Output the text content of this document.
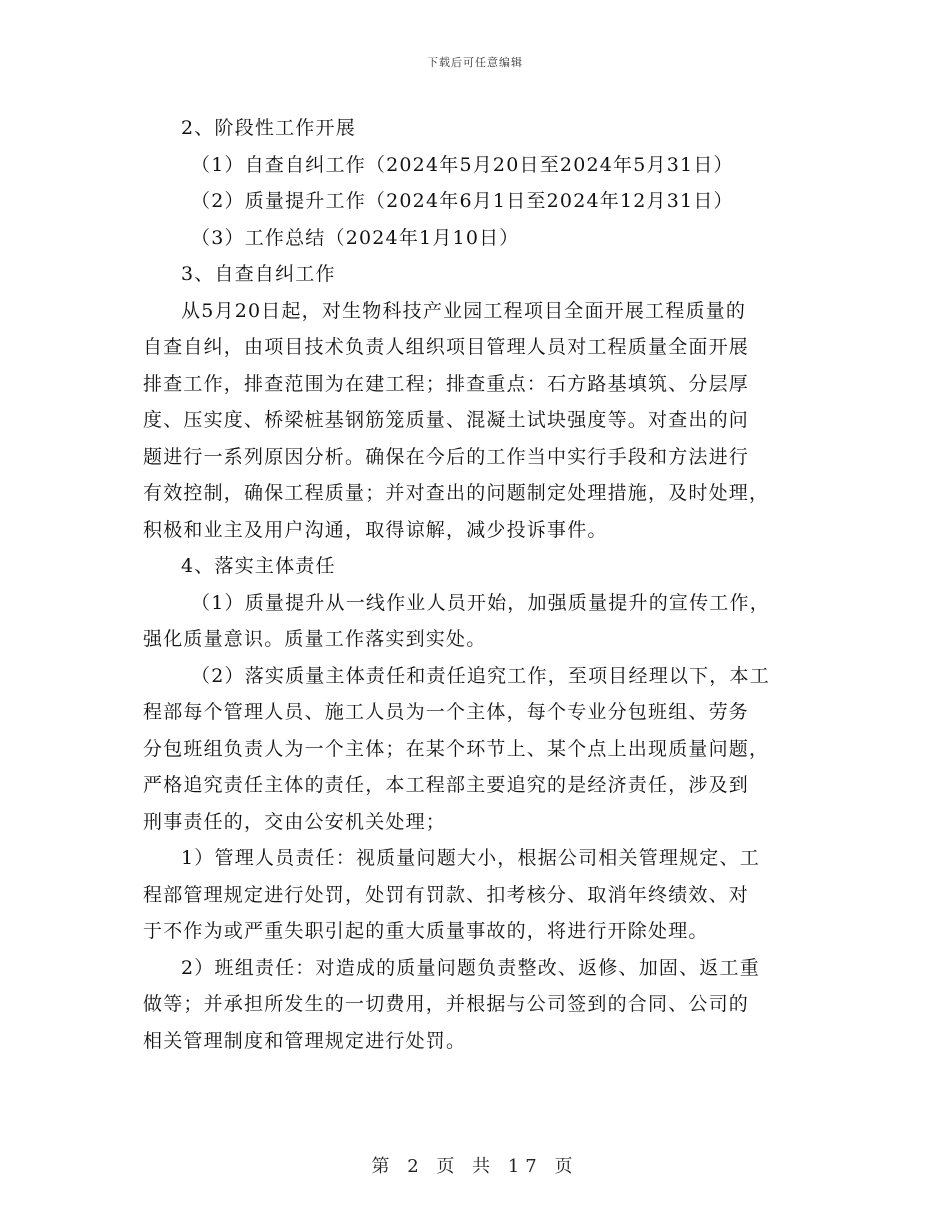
下载后可任意编辑
2、阶段性工作开展
（1）自查自纠工作（2024年5月20日至2024年5月31日）
（2）质量提升工作（2024年6月1日至2024年12月31日）
（3）工作总结（2024年1月10日）
3、自查自纠工作
从5月20日起，对生物科技产业园工程项目全面开展工程质量的
自查自纠，由项目技术负责人组织项目管理人员对工程质量全面开展
排查工作，排查范围为在建工程；排查重点：石方路基填筑、分层厚
度、压实度、桥梁桩基钢筋笼质量、混凝土试块强度等。对查出的问
题进行一系列原因分析。确保在今后的工作当中实行手段和方法进行
有效控制，确保工程质量；并对查出的问题制定处理措施，及时处理，
积极和业主及用户沟通，取得谅解，减少投诉事件。
4、落实主体责任
（1）质量提升从一线作业人员开始，加强质量提升的宣传工作，
强化质量意识。质量工作落实到实处。
（2）落实质量主体责任和责任追究工作，至项目经理以下，本工
程部每个管理人员、施工人员为一个主体，每个专业分包班组、劳务
分包班组负责人为一个主体；在某个环节上、某个点上出现质量问题，
严格追究责任主体的责任，本工程部主要追究的是经济责任，涉及到
刑事责任的，交由公安机关处理；
1）管理人员责任：视质量问题大小，根据公司相关管理规定、工
程部管理规定进行处罚，处罚有罚款、扣考核分、取消年终绩效、对
于不作为或严重失职引起的重大质量事故的，将进行开除处理。
2）班组责任：对造成的质量问题负责整改、返修、加固、返工重
做等；并承担所发生的一切费用，并根据与公司签到的合同、公司的
相关管理制度和管理规定进行处罚。
第 2 页 共 17 页
